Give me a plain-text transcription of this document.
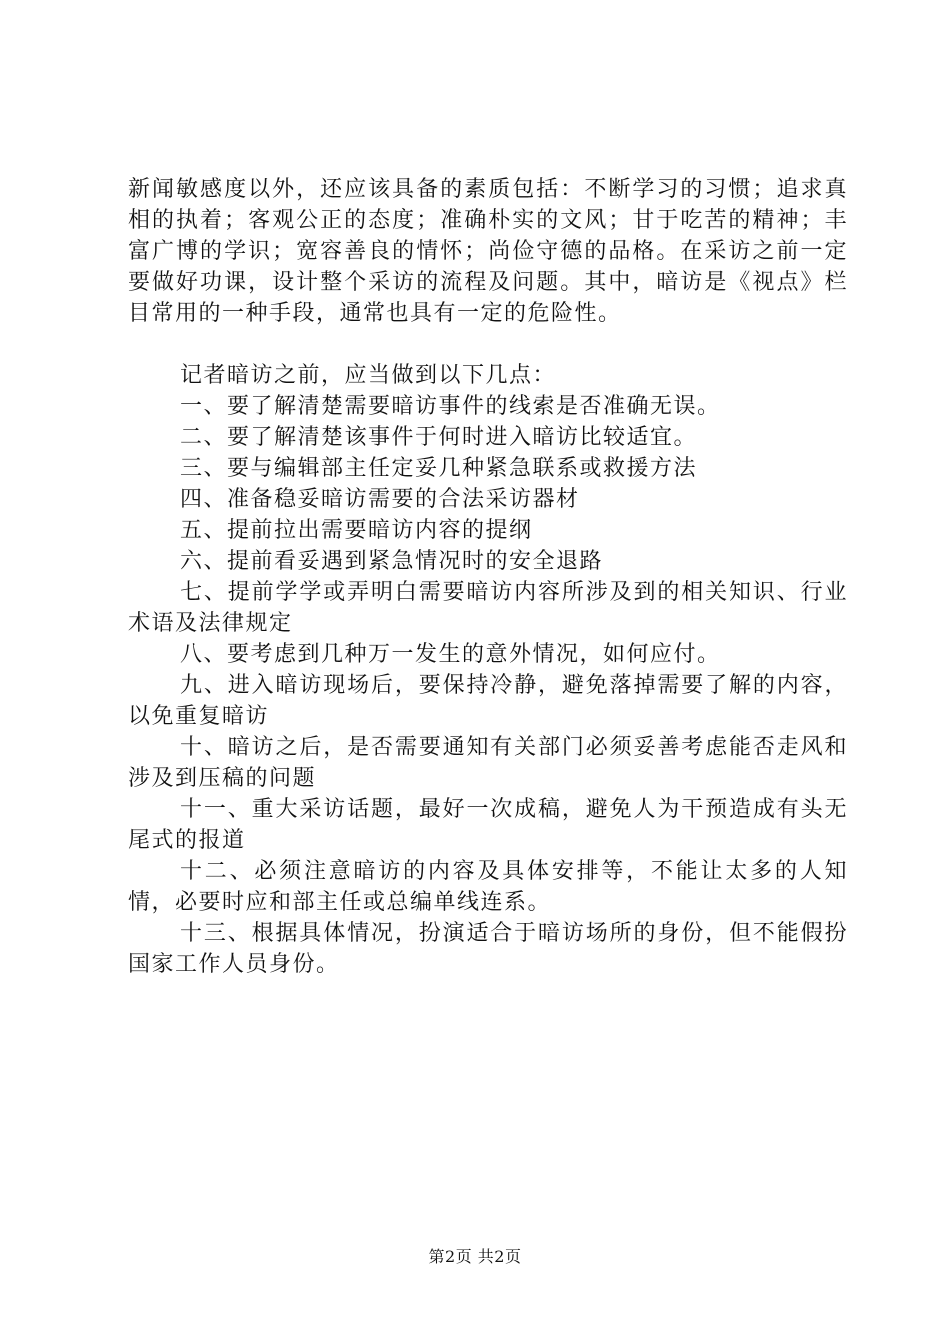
新闻敏感度以外，还应该具备的素质包括：不断学习的习惯；追求真相的执着；客观公正的态度；准确朴实的文风；甘于吃苦的精神；丰富广博的学识；宽容善良的情怀；尚俭守德的品格。在采访之前一定要做好功课，设计整个采访的流程及问题。其中，暗访是《视点》栏目常用的一种手段，通常也具有一定的危险性。

记者暗访之前，应当做到以下几点：

一、要了解清楚需要暗访事件的线索是否准确无误。

二、要了解清楚该事件于何时进入暗访比较适宜。

三、要与编辑部主任定妥几种紧急联系或救援方法

四、准备稳妥暗访需要的合法采访器材

五、提前拉出需要暗访内容的提纲

六、提前看妥遇到紧急情况时的安全退路

七、提前学学或弄明白需要暗访内容所涉及到的相关知识、行业术语及法律规定

八、要考虑到几种万一发生的意外情况，如何应付。

九、进入暗访现场后，要保持冷静，避免落掉需要了解的内容，以免重复暗访

十、暗访之后，是否需要通知有关部门必须妥善考虑能否走风和涉及到压稿的问题

十一、重大采访话题，最好一次成稿，避免人为干预造成有头无尾式的报道

十二、必须注意暗访的内容及具体安排等，不能让太多的人知情，必要时应和部主任或总编单线连系。

十三、根据具体情况，扮演适合于暗访场所的身份，但不能假扮国家工作人员身份。

第2页 共2页
